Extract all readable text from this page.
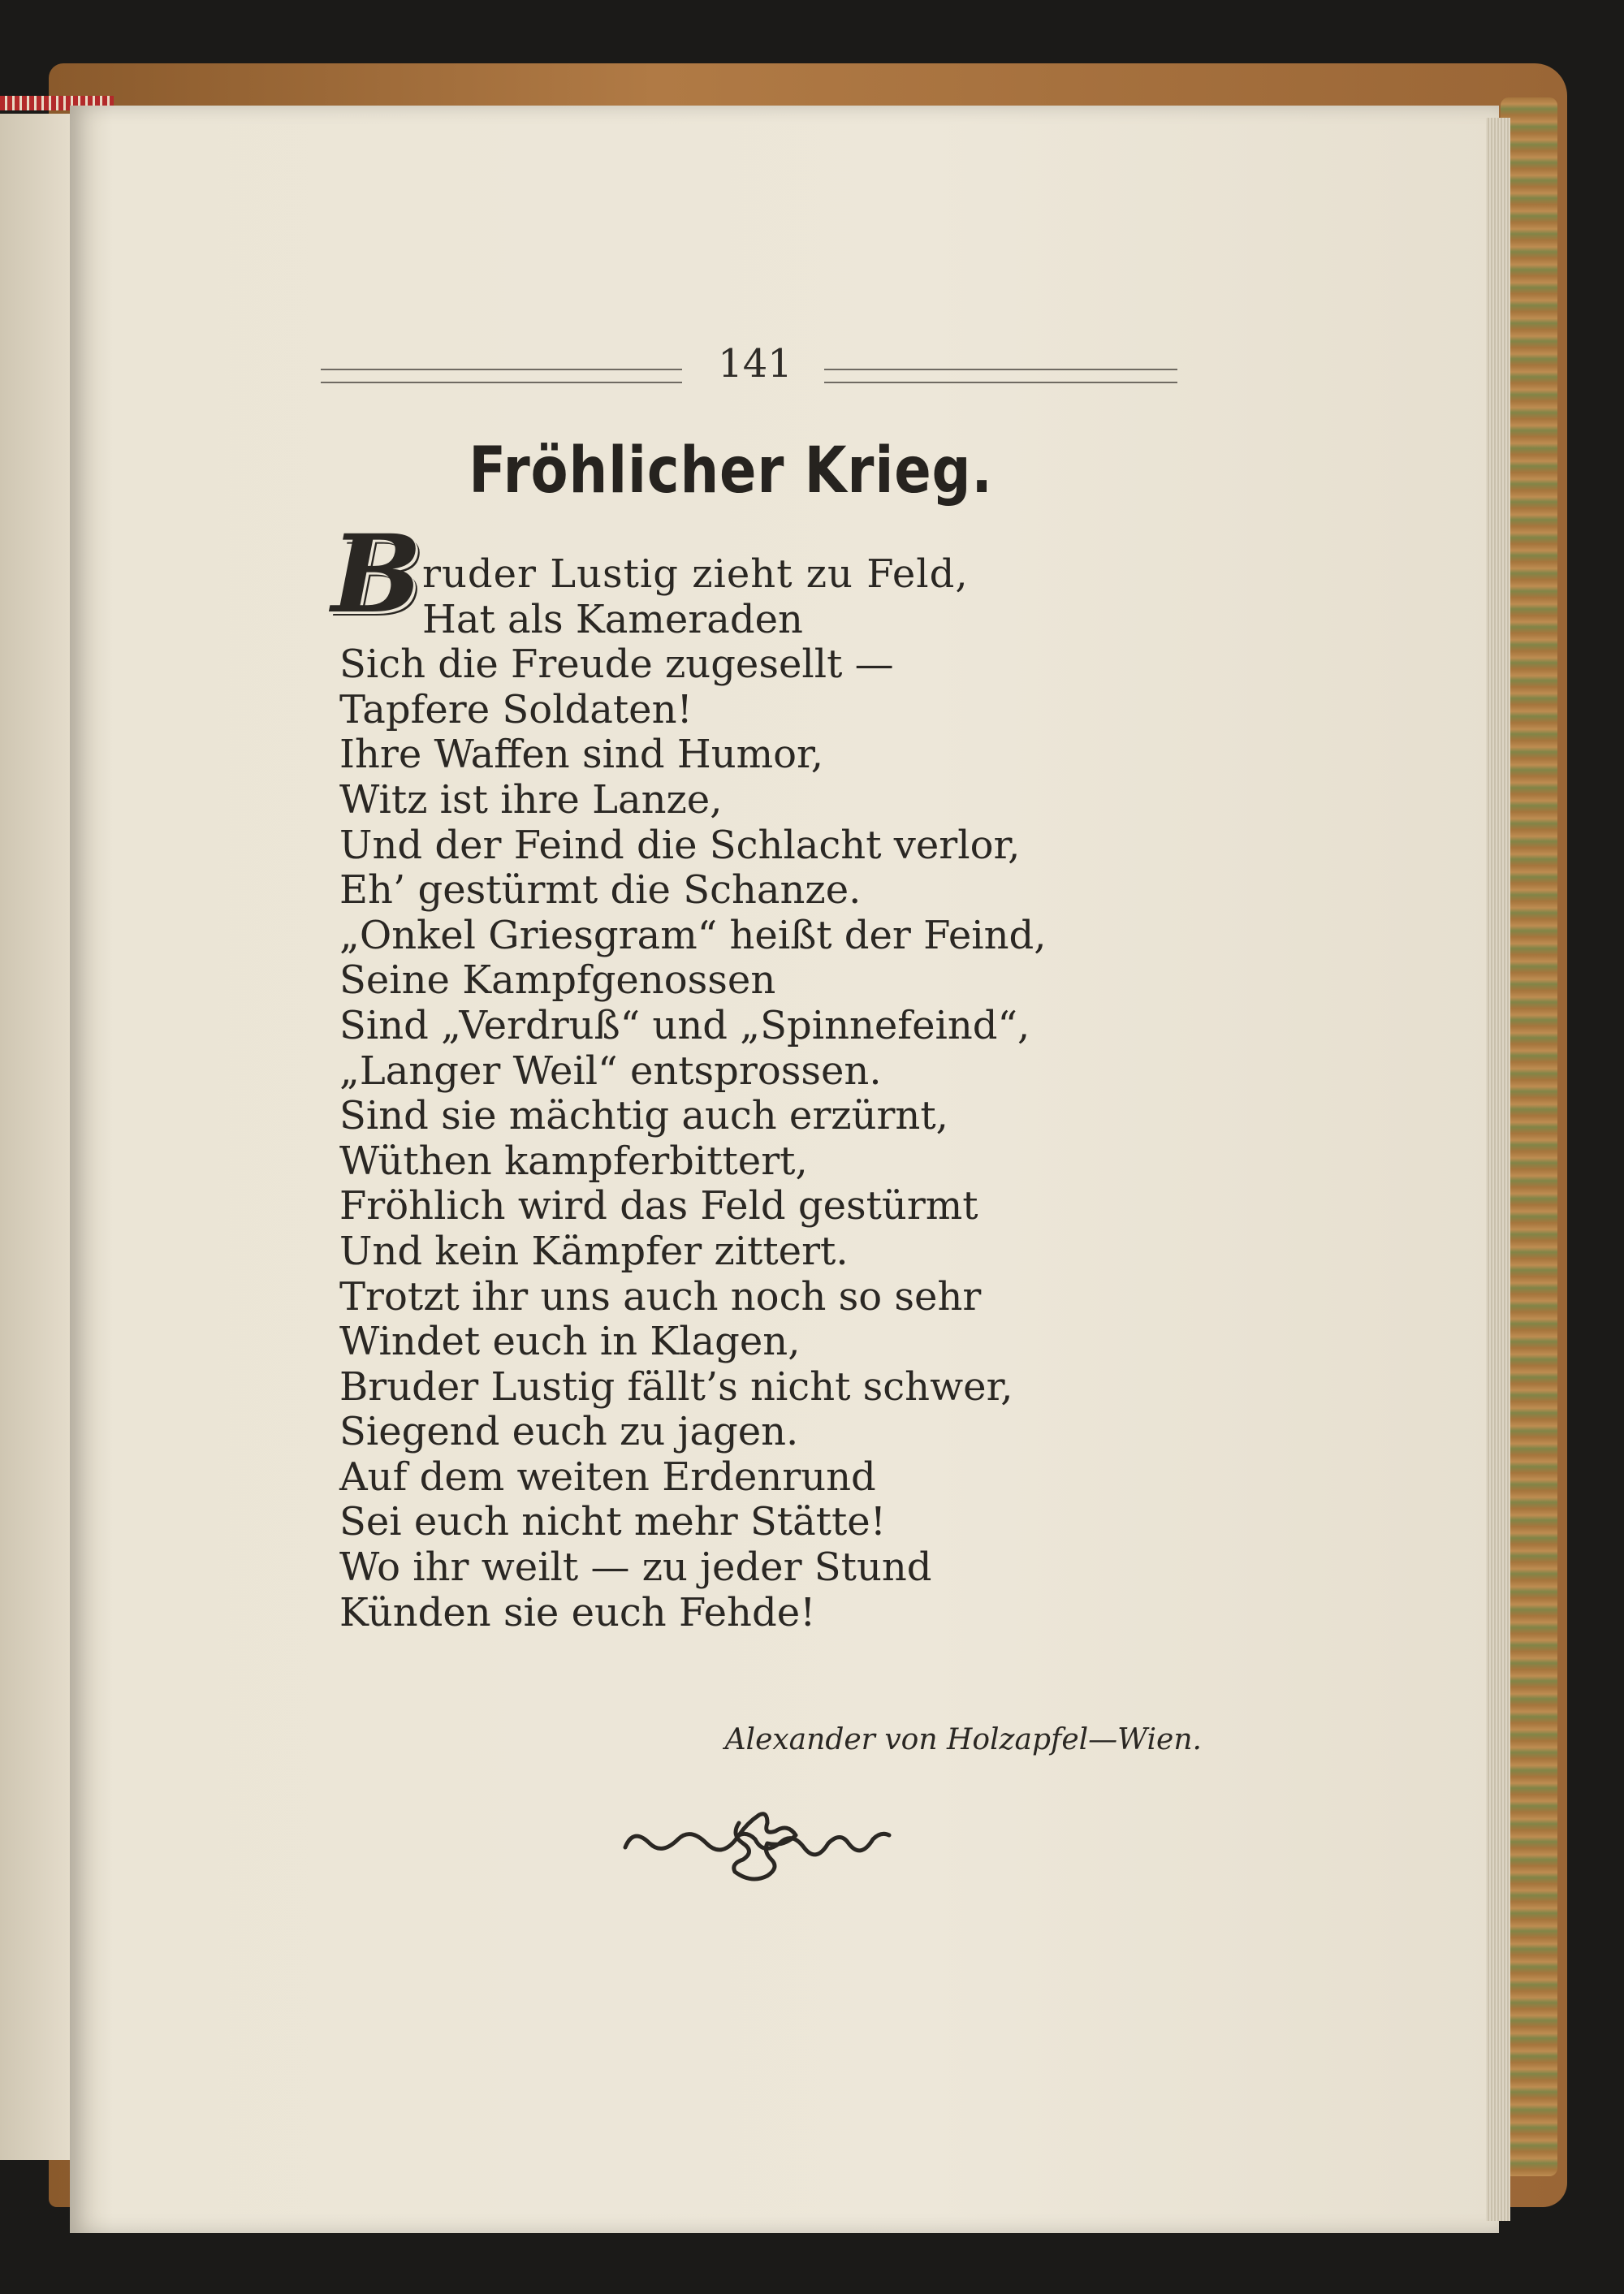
141
Fröhlicher Krieg.
B ruder Lustig zieht zu Feld,
Hat als Kameraden
Sich die Freude zugesellt —
Tapfere Soldaten!
Ihre Waffen sind Humor,
Witz ist ihre Lanze,
Und der Feind die Schlacht verlor,
Eh’ gestürmt die Schanze.
„Onkel Griesgram“ heißt der Feind,
Seine Kampfgenossen
Sind „Verdruß“ und „Spinnefeind“,
„Langer Weil“ entsprossen.
Sind sie mächtig auch erzürnt,
Wüthen kampferbittert,
Fröhlich wird das Feld gestürmt
Und kein Kämpfer zittert.
Trotzt ihr uns auch noch so sehr
Windet euch in Klagen,
Bruder Lustig fällt’s nicht schwer,
Siegend euch zu jagen.
Auf dem weiten Erdenrund
Sei euch nicht mehr Stätte!
Wo ihr weilt — zu jeder Stund
Künden sie euch Fehde!
Alexander von Holzapfel—Wien.
